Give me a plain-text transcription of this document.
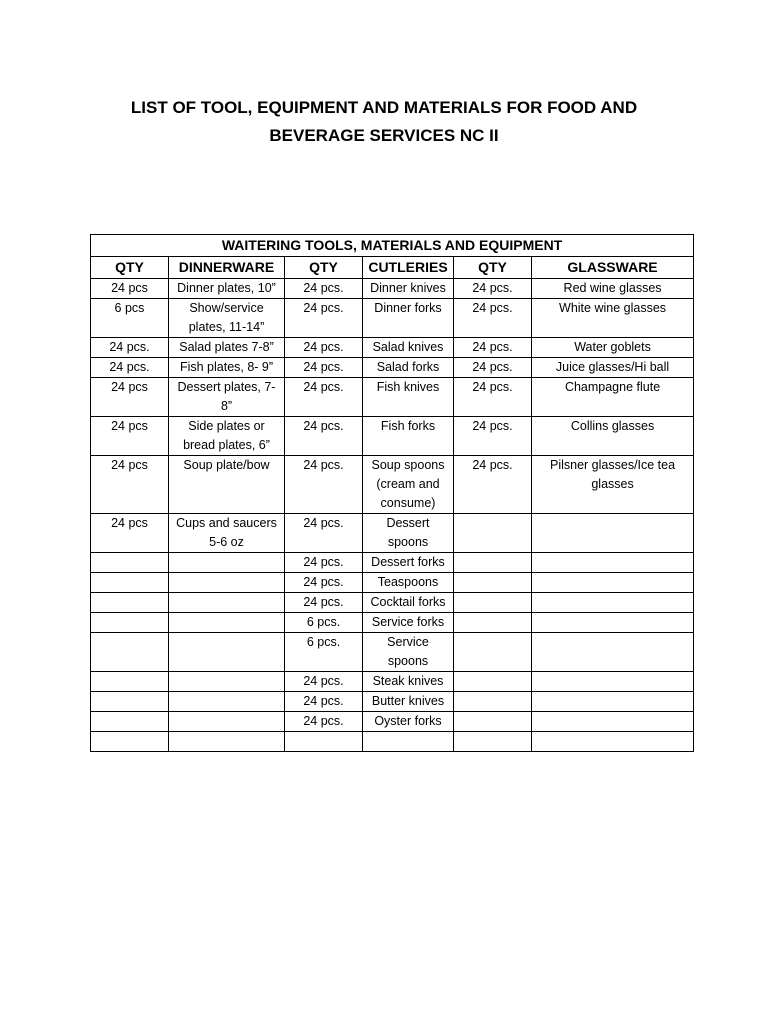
LIST OF TOOL, EQUIPMENT AND MATERIALS FOR FOOD AND
BEVERAGE SERVICES NC II
WAITERING TOOLS, MATERIALS AND EQUIPMENT					
QTY	DINNERWARE	QTY	CUTLERIES	QTY	GLASSWARE
24 pcs	Dinner plates, 10”	24 pcs.	Dinner knives	24 pcs.	Red wine glasses
6 pcs	Show/service plates, 11-14”	24 pcs.	Dinner forks	24 pcs.	White wine glasses
24 pcs.	Salad plates 7-8”	24 pcs.	Salad knives	24 pcs.	Water goblets
24 pcs.	Fish plates, 8- 9”	24 pcs.	Salad forks	24 pcs.	Juice glasses/Hi ball
24 pcs	Dessert plates, 7-8”	24 pcs.	Fish knives	24 pcs.	Champagne flute
24 pcs	Side plates or bread plates, 6”	24 pcs.	Fish forks	24 pcs.	Collins glasses
24 pcs	Soup plate/bow	24 pcs.	Soup spoons (cream and consume)	24 pcs.	Pilsner glasses/Ice tea glasses
24 pcs	Cups and saucers 5-6 oz	24 pcs.	Dessert spoons		
		24 pcs.	Dessert forks		
		24 pcs.	Teaspoons		
		24 pcs.	Cocktail forks		
		6 pcs.	Service forks		
		6 pcs.	Service spoons		
		24 pcs.	Steak knives		
		24 pcs.	Butter knives		
		24 pcs.	Oyster forks		
